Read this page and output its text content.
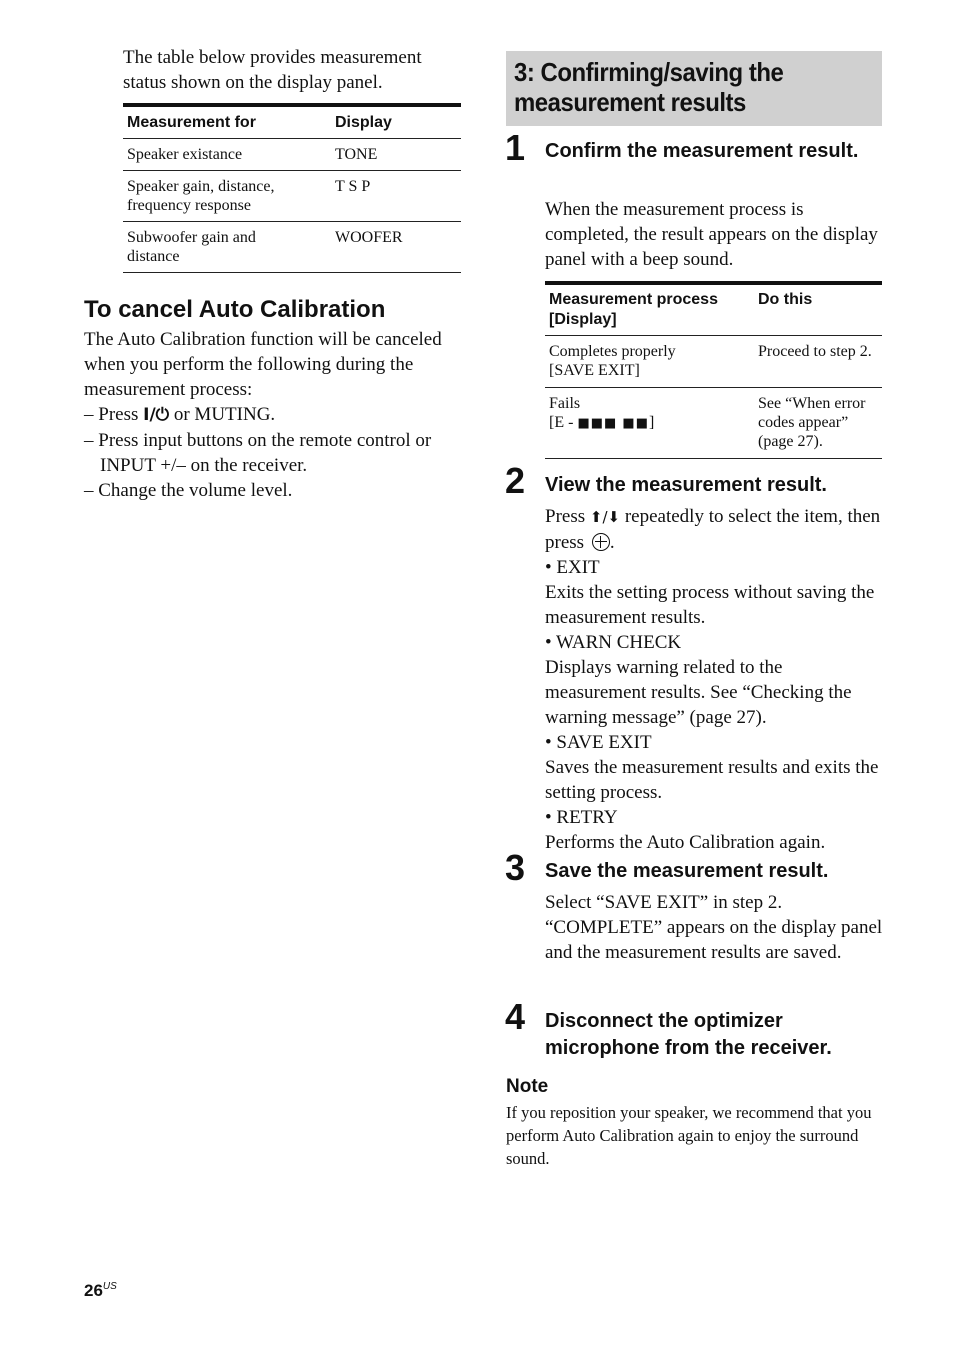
The table below provides measurement status shown on the display panel.

Measurement for	Display
Speaker existance	TONE
Speaker gain, distance, frequency response	T S P
Subwoofer gain and distance	WOOFER
To cancel Auto Calibration

The Auto Calibration function will be canceled when you perform the following during the measurement process:

– Press I/⏻ or MUTING.

– Press input buttons on the remote control or INPUT +/– on the receiver.

– Change the volume level.

3: Confirming/saving the measurement results
1 Confirm the measurement result.

When the measurement process is completed, the result appears on the display panel with a beep sound.

Measurement process [Display]	Do this

Completes properly
[SAVE EXIT]	Proceed to step 2.

Fails
[E - ■■■ ■■]	See “When error codes appear” (page 27).
2 View the measurement result.

Press ⬆/⬇ repeatedly to select the item, then press .

• EXIT

Exits the setting process without saving the measurement results.

• WARN CHECK

Displays warning related to the measurement results. See “Checking the warning message” (page 27).

• SAVE EXIT

Saves the measurement results and exits the setting process.

• RETRY

Performs the Auto Calibration again.

3 Save the measurement result.

Select “SAVE EXIT” in step 2. “COMPLETE” appears on the display panel and the measurement results are saved.

4 Disconnect the optimizer microphone from the receiver.
Note

If you reposition your speaker, we recommend that you perform Auto Calibration again to enjoy the surround sound.

$26^{US}$
